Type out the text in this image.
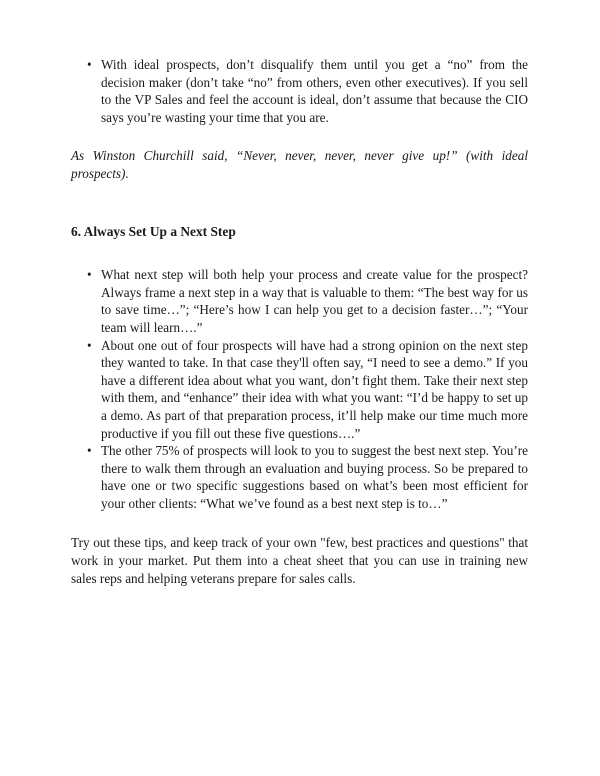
• With ideal prospects, don’t disqualify them until you get a “no” from the decision maker (don’t take “no” from others, even other executives). If you sell to the VP Sales and feel the account is ideal, don’t assume that because the CIO says you’re wasting your time that you are.

As Winston Churchill said, “Never, never, never, never give up!” (with ideal prospects).

6. Always Set Up a Next Step
• What next step will both help your process and create value for the prospect? Always frame a next step in a way that is valuable to them: “The best way for us to save time…”; “Here’s how I can help you get to a decision faster…”; “Your team will learn….”
• About one out of four prospects will have had a strong opinion on the next step they wanted to take. In that case they'll often say, “I need to see a demo.” If you have a different idea about what you want, don’t fight them. Take their next step with them, and “enhance” their idea with what you want: “I’d be happy to set up a demo. As part of that preparation process, it’ll help make our time much more productive if you fill out these five questions….”
• The other 75% of prospects will look to you to suggest the best next step. You’re there to walk them through an evaluation and buying process. So be prepared to have one or two specific suggestions based on what’s been most efficient for your other clients: “What we’ve found as a best next step is to…”

Try out these tips, and keep track of your own "few, best practices and questions" that work in your market. Put them into a cheat sheet that you can use in training new sales reps and helping veterans prepare for sales calls.
